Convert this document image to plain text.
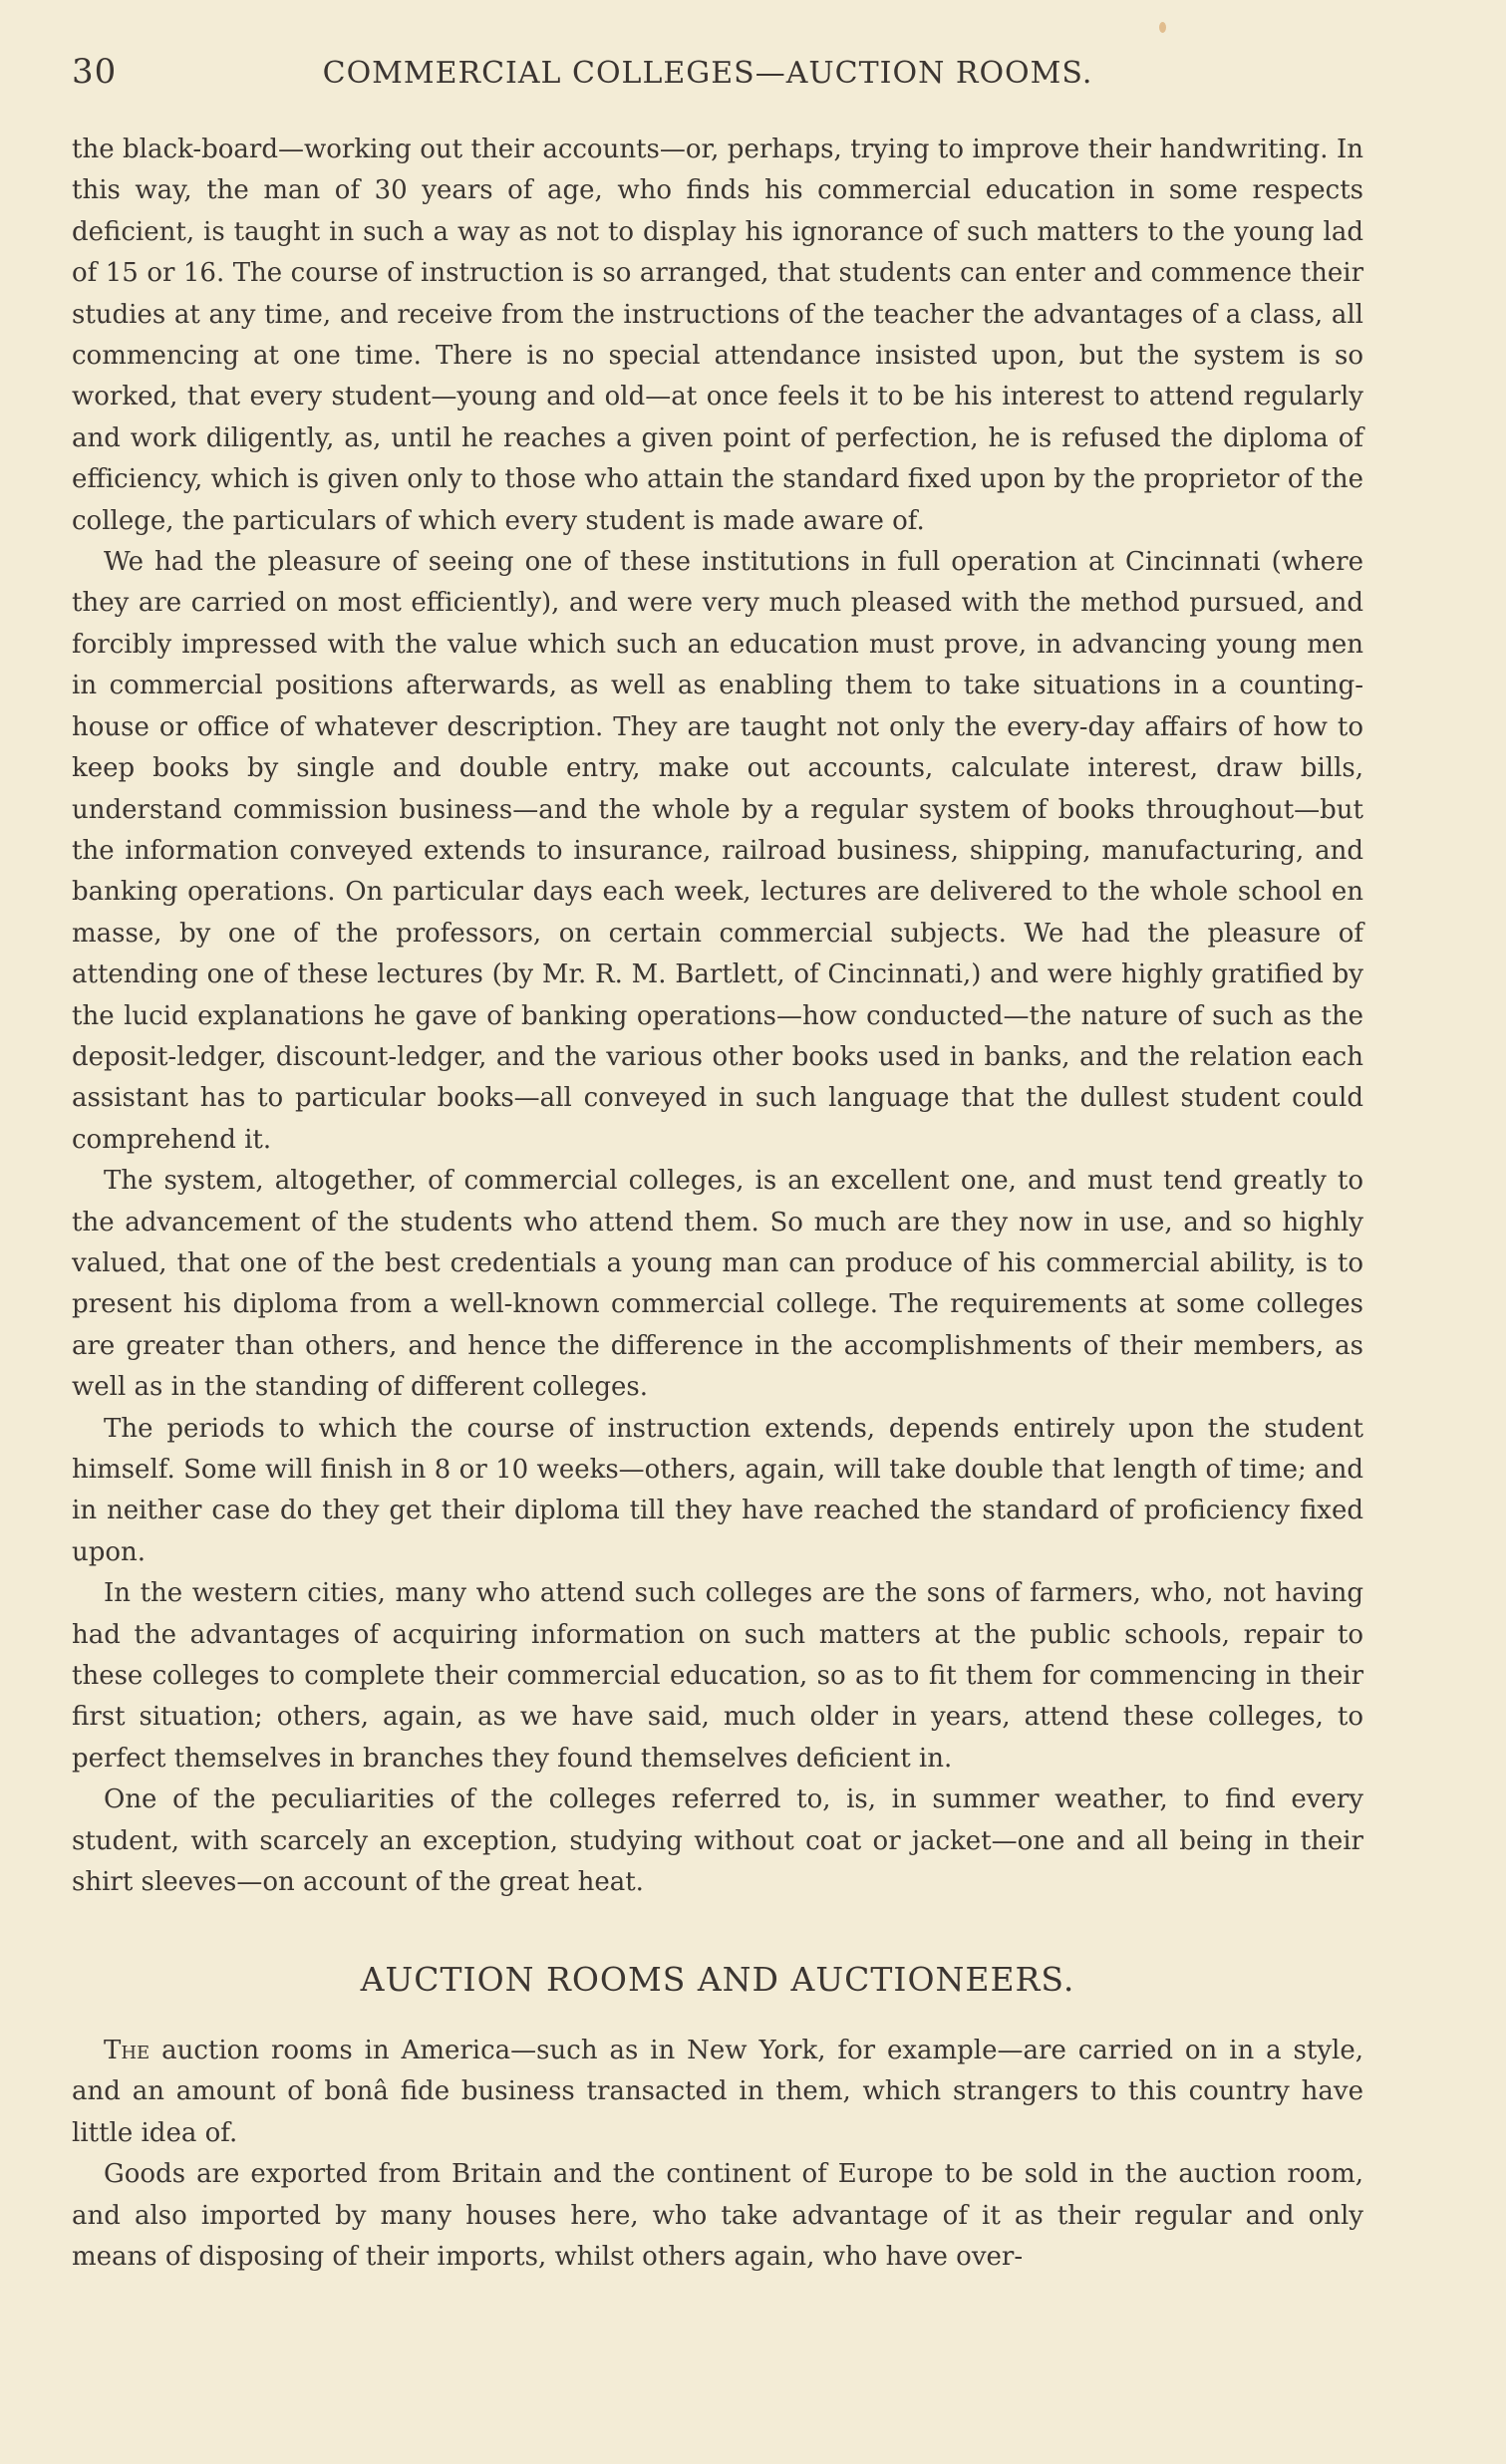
30	COMMERCIAL COLLEGES—AUCTION ROOMS.

the black-board—working out their accounts—or, perhaps, trying to improve their handwriting. In this way, the man of 30 years of age, who finds his commercial education in some respects deficient, is taught in such a way as not to display his ignorance of such matters to the young lad of 15 or 16. The course of instruction is so arranged, that students can enter and commence their studies at any time, and receive from the instructions of the teacher the advantages of a class, all commencing at one time. There is no special attendance insisted upon, but the system is so worked, that every student—young and old—at once feels it to be his interest to attend regularly and work diligently, as, until he reaches a given point of perfection, he is refused the diploma of efficiency, which is given only to those who attain the standard fixed upon by the proprietor of the college, the particulars of which every student is made aware of.

We had the pleasure of seeing one of these institutions in full operation at Cincinnati (where they are carried on most efficiently), and were very much pleased with the method pursued, and forcibly impressed with the value which such an education must prove, in advancing young men in commercial positions afterwards, as well as enabling them to take situations in a counting-house or office of whatever description. They are taught not only the every-day affairs of how to keep books by single and double entry, make out accounts, calculate interest, draw bills, understand commission business—and the whole by a regular system of books throughout—but the information conveyed extends to insurance, railroad business, shipping, manufacturing, and banking operations. On particular days each week, lectures are delivered to the whole school en masse, by one of the professors, on certain commercial subjects. We had the pleasure of attending one of these lectures (by Mr. R. M. Bartlett, of Cincinnati,) and were highly gratified by the lucid explanations he gave of banking operations—how conducted—the nature of such as the deposit-ledger, discount-ledger, and the various other books used in banks, and the relation each assistant has to particular books—all conveyed in such language that the dullest student could comprehend it.

The system, altogether, of commercial colleges, is an excellent one, and must tend greatly to the advancement of the students who attend them. So much are they now in use, and so highly valued, that one of the best credentials a young man can produce of his commercial ability, is to present his diploma from a well-known commercial college. The requirements at some colleges are greater than others, and hence the difference in the accomplishments of their members, as well as in the standing of different colleges.

The periods to which the course of instruction extends, depends entirely upon the student himself. Some will finish in 8 or 10 weeks—others, again, will take double that length of time; and in neither case do they get their diploma till they have reached the standard of proficiency fixed upon.

In the western cities, many who attend such colleges are the sons of farmers, who, not having had the advantages of acquiring information on such matters at the public schools, repair to these colleges to complete their commercial education, so as to fit them for commencing in their first situation; others, again, as we have said, much older in years, attend these colleges, to perfect themselves in branches they found themselves deficient in.

One of the peculiarities of the colleges referred to, is, in summer weather, to find every student, with scarcely an exception, studying without coat or jacket—one and all being in their shirt sleeves—on account of the great heat.

AUCTION ROOMS AND AUCTIONEERS.

The auction rooms in America—such as in New York, for example—are carried on in a style, and an amount of bonâ fide business transacted in them, which strangers to this country have little idea of.

Goods are exported from Britain and the continent of Europe to be sold in the auction room, and also imported by many houses here, who take advantage of it as their regular and only means of disposing of their imports, whilst others again, who have over-
